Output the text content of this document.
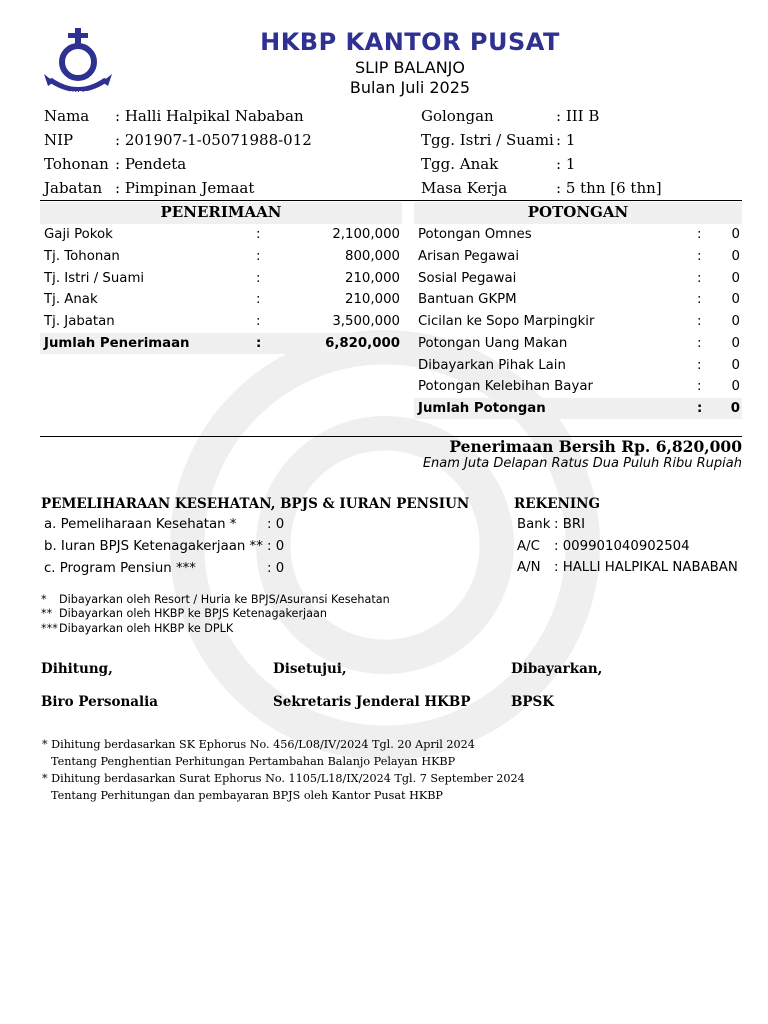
HKBP
HKBP KANTOR PUSAT
SLIP BALANJO
Bulan Juli 2025
Nama : Halli Halpikal Nababan
NIP	: 201907-1-05071988-012
Tohonan : Pendeta
Jabatan : Pimpinan Jemaat
Golongan	: III B
Tgg. Istri / Suami : 1
Tgg. Anak	: 1
Masa Kerja	: 5 thn [6 thn]
PENERIMAAN	POTONGAN
Gaji Pokok	:	2,100,000
Tj. Tohonan	:	800,000
Tj. Istri / Suami	:	210,000
Tj. Anak	:	210,000
Tj. Jabatan	:	3,500,000
Jumlah Penerimaan	:	6,820,000
Potongan Omnes	: 0
Arisan Pegawai	: 0
Sosial Pegawai	: 0
Bantuan GKPM	: 0
Cicilan ke Sopo Marpingkir	: 0
Potongan Uang Makan	: 0
Dibayarkan Pihak Lain	: 0
Potongan Kelebihan Bayar	: 0
Jumlah Potongan	: 0
Penerimaan Bersih Rp. 6,820,000
Enam Juta Delapan Ratus Dua Puluh Ribu Rupiah
PEMELIHARAAN KESEHATAN, BPJS & IURAN PENSIUN
a. Pemeliharaan Kesehatan * : 0
b. Iuran BPJS Ketenagakerjaan ** : 0
c. Program Pensiun ***	: 0
REKENING
Bank : BRI
A/C : 009901040902504
A/N : HALLI HALPIKAL NABABAN
* Dibayarkan oleh Resort / Huria ke BPJS/Asuransi Kesehatan
** Dibayarkan oleh HKBP ke BPJS Ketenagakerjaan
*** Dibayarkan oleh HKBP ke DPLK
Dihitung,	Disetujui,	Dibayarkan,
Biro Personalia	Sekretaris Jenderal HKBP	BPSK
* Dihitung berdasarkan SK Ephorus No. 456/L08/IV/2024 Tgl. 20 April 2024
Tentang Penghentian Perhitungan Pertambahan Balanjo Pelayan HKBP
* Dihitung berdasarkan Surat Ephorus No. 1105/L18/IX/2024 Tgl. 7 September 2024
Tentang Perhitungan dan pembayaran BPJS oleh Kantor Pusat HKBP
